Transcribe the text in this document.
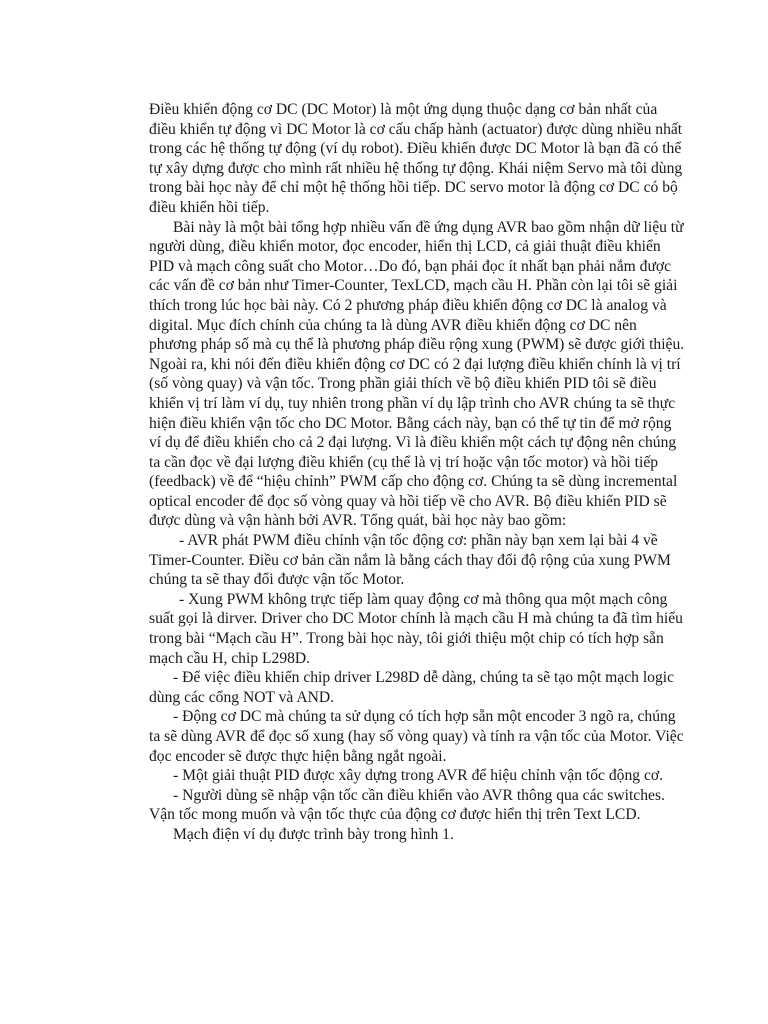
Điều khiển động cơ DC (DC Motor) là một ứng dụng thuộc dạng cơ bản nhất của điều khiển tự động vì DC Motor là cơ cấu chấp hành (actuator) được dùng nhiều nhất trong các hệ thống tự động (ví dụ robot). Điều khiển được DC Motor là bạn đã có thể tự xây dựng được cho mình rất nhiều hệ thống tự động. Khái niệm Servo mà tôi dùng trong bài học này để chỉ một hệ thống hồi tiếp. DC servo motor là động cơ DC có bộ điều khiển hồi tiếp.

Bài này là một bài tổng hợp nhiều vấn đề ứng dụng AVR bao gồm nhận dữ liệu từ người dùng, điều khiển motor, đọc encoder, hiển thị LCD, cả giải thuật điều khiển PID và mạch công suất cho Motor…Do đó, bạn phải đọc ít nhất bạn phải nắm được các vấn đề cơ bản như Timer-Counter, TexLCD, mạch cầu H. Phần còn lại tôi sẽ giải thích trong lúc học bài này. Có 2 phương pháp điều khiển động cơ DC là analog và digital. Mục đích chính của chúng ta là dùng AVR điều khiển động cơ DC nên phương pháp số mà cụ thể là phương pháp điều rộng xung (PWM) sẽ được giới thiệu. Ngoài ra, khi nói đến điều khiển động cơ DC có 2 đại lượng điều khiển chính là vị trí (số vòng quay) và vận tốc. Trong phần giải thích về bộ điều khiển PID tôi sẽ điều khiển vị trí làm ví dụ, tuy nhiên trong phần ví dụ lập trình cho AVR chúng ta sẽ thực hiện điều khiển vận tốc cho DC Motor. Bằng cách này, bạn có thể tự tin để mở rộng ví dụ để điều khiển cho cả 2 đại lượng. Vì là điều khiển một cách tự động nên chúng ta cần đọc về đại lượng điều khiển (cụ thể là vị trí hoặc vận tốc motor) và hồi tiếp (feedback) về để “hiệu chỉnh” PWM cấp cho động cơ. Chúng ta sẽ dùng incremental optical encoder để đọc số vòng quay và hồi tiếp về cho AVR. Bộ điều khiển PID sẽ được dùng và vận hành bởi AVR. Tổng quát, bài học này bao gồm:

- AVR phát PWM điều chỉnh vận tốc động cơ: phần này bạn xem lại bài 4 về Timer-Counter. Điều cơ bản cần nắm là bằng cách thay đổi độ rộng của xung PWM chúng ta sẽ thay đổi được vận tốc Motor.

- Xung PWM không trực tiếp làm quay động cơ mà thông qua một mạch công suất gọi là dirver. Driver cho DC Motor chính là mạch cầu H mà chúng ta đã tìm hiểu trong bài “Mạch cầu H”. Trong bài học này, tôi giới thiệu một chip có tích hợp sẵn mạch cầu H, chip L298D.

- Để việc điều khiển chip driver L298D dễ dàng, chúng ta sẽ tạo một mạch logic dùng các cổng NOT và AND.

- Động cơ DC mà chúng ta sử dụng có tích hợp sẵn một encoder 3 ngõ ra, chúng ta sẽ dùng AVR để đọc số xung (hay số vòng quay) và tính ra vận tốc của Motor. Việc đọc encoder sẽ được thực hiện bằng ngắt ngoài.

- Một giải thuật PID được xây dựng trong AVR để hiệu chỉnh vận tốc động cơ.

- Người dùng sẽ nhập vận tốc cần điều khiển vào AVR thông qua các switches. Vận tốc mong muốn và vận tốc thực của động cơ được hiển thị trên Text LCD.

Mạch điện ví dụ được trình bày trong hình 1.
